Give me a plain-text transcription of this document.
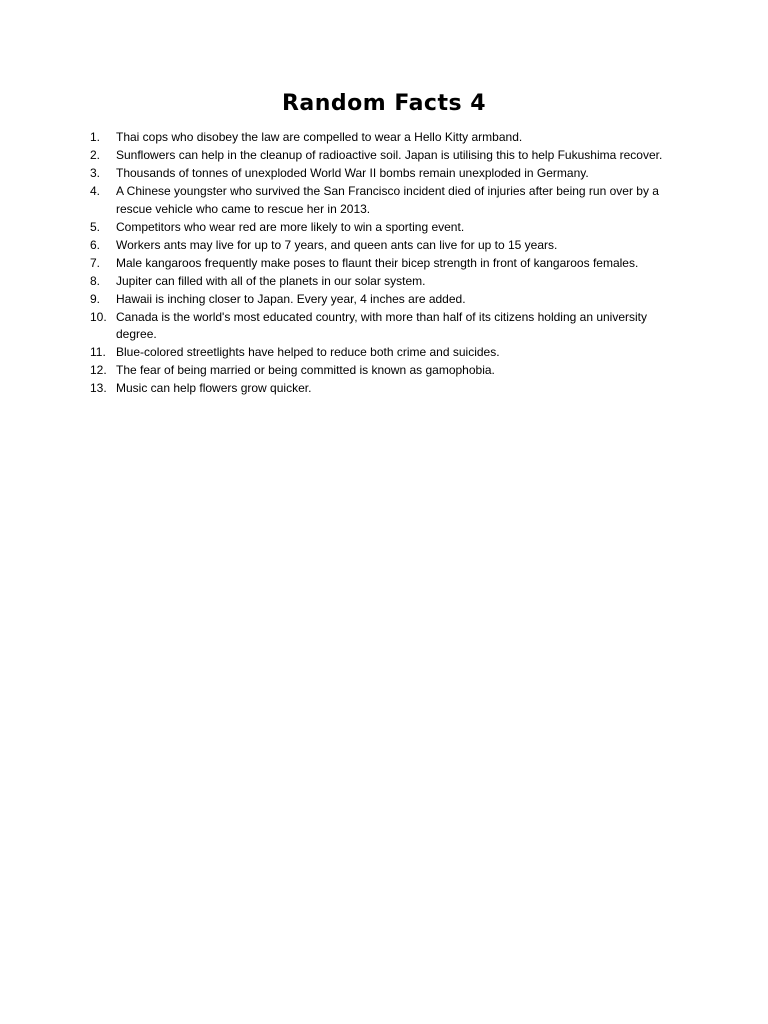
Random Facts 4
1.	Thai cops who disobey the law are compelled to wear a Hello Kitty armband.
2.	Sunflowers can help in the cleanup of radioactive soil. Japan is utilising this to help Fukushima recover.
3.	Thousands of tonnes of unexploded World War II bombs remain unexploded in Germany.
4.	A Chinese youngster who survived the San Francisco incident died of injuries after being run over by a rescue vehicle who came to rescue her in 2013.
5.	Competitors who wear red are more likely to win a sporting event.
6.	Workers ants may live for up to 7 years, and queen ants can live for up to 15 years.
7.	Male kangaroos frequently make poses to flaunt their bicep strength in front of kangaroos females.
8.	Jupiter can filled with all of the planets in our solar system.
9.	Hawaii is inching closer to Japan. Every year, 4 inches are added.
10. Canada is the world's most educated country, with more than half of its citizens holding an university degree.
11. Blue-colored streetlights have helped to reduce both crime and suicides.
12. The fear of being married or being committed is known as gamophobia.
13. Music can help flowers grow quicker.
